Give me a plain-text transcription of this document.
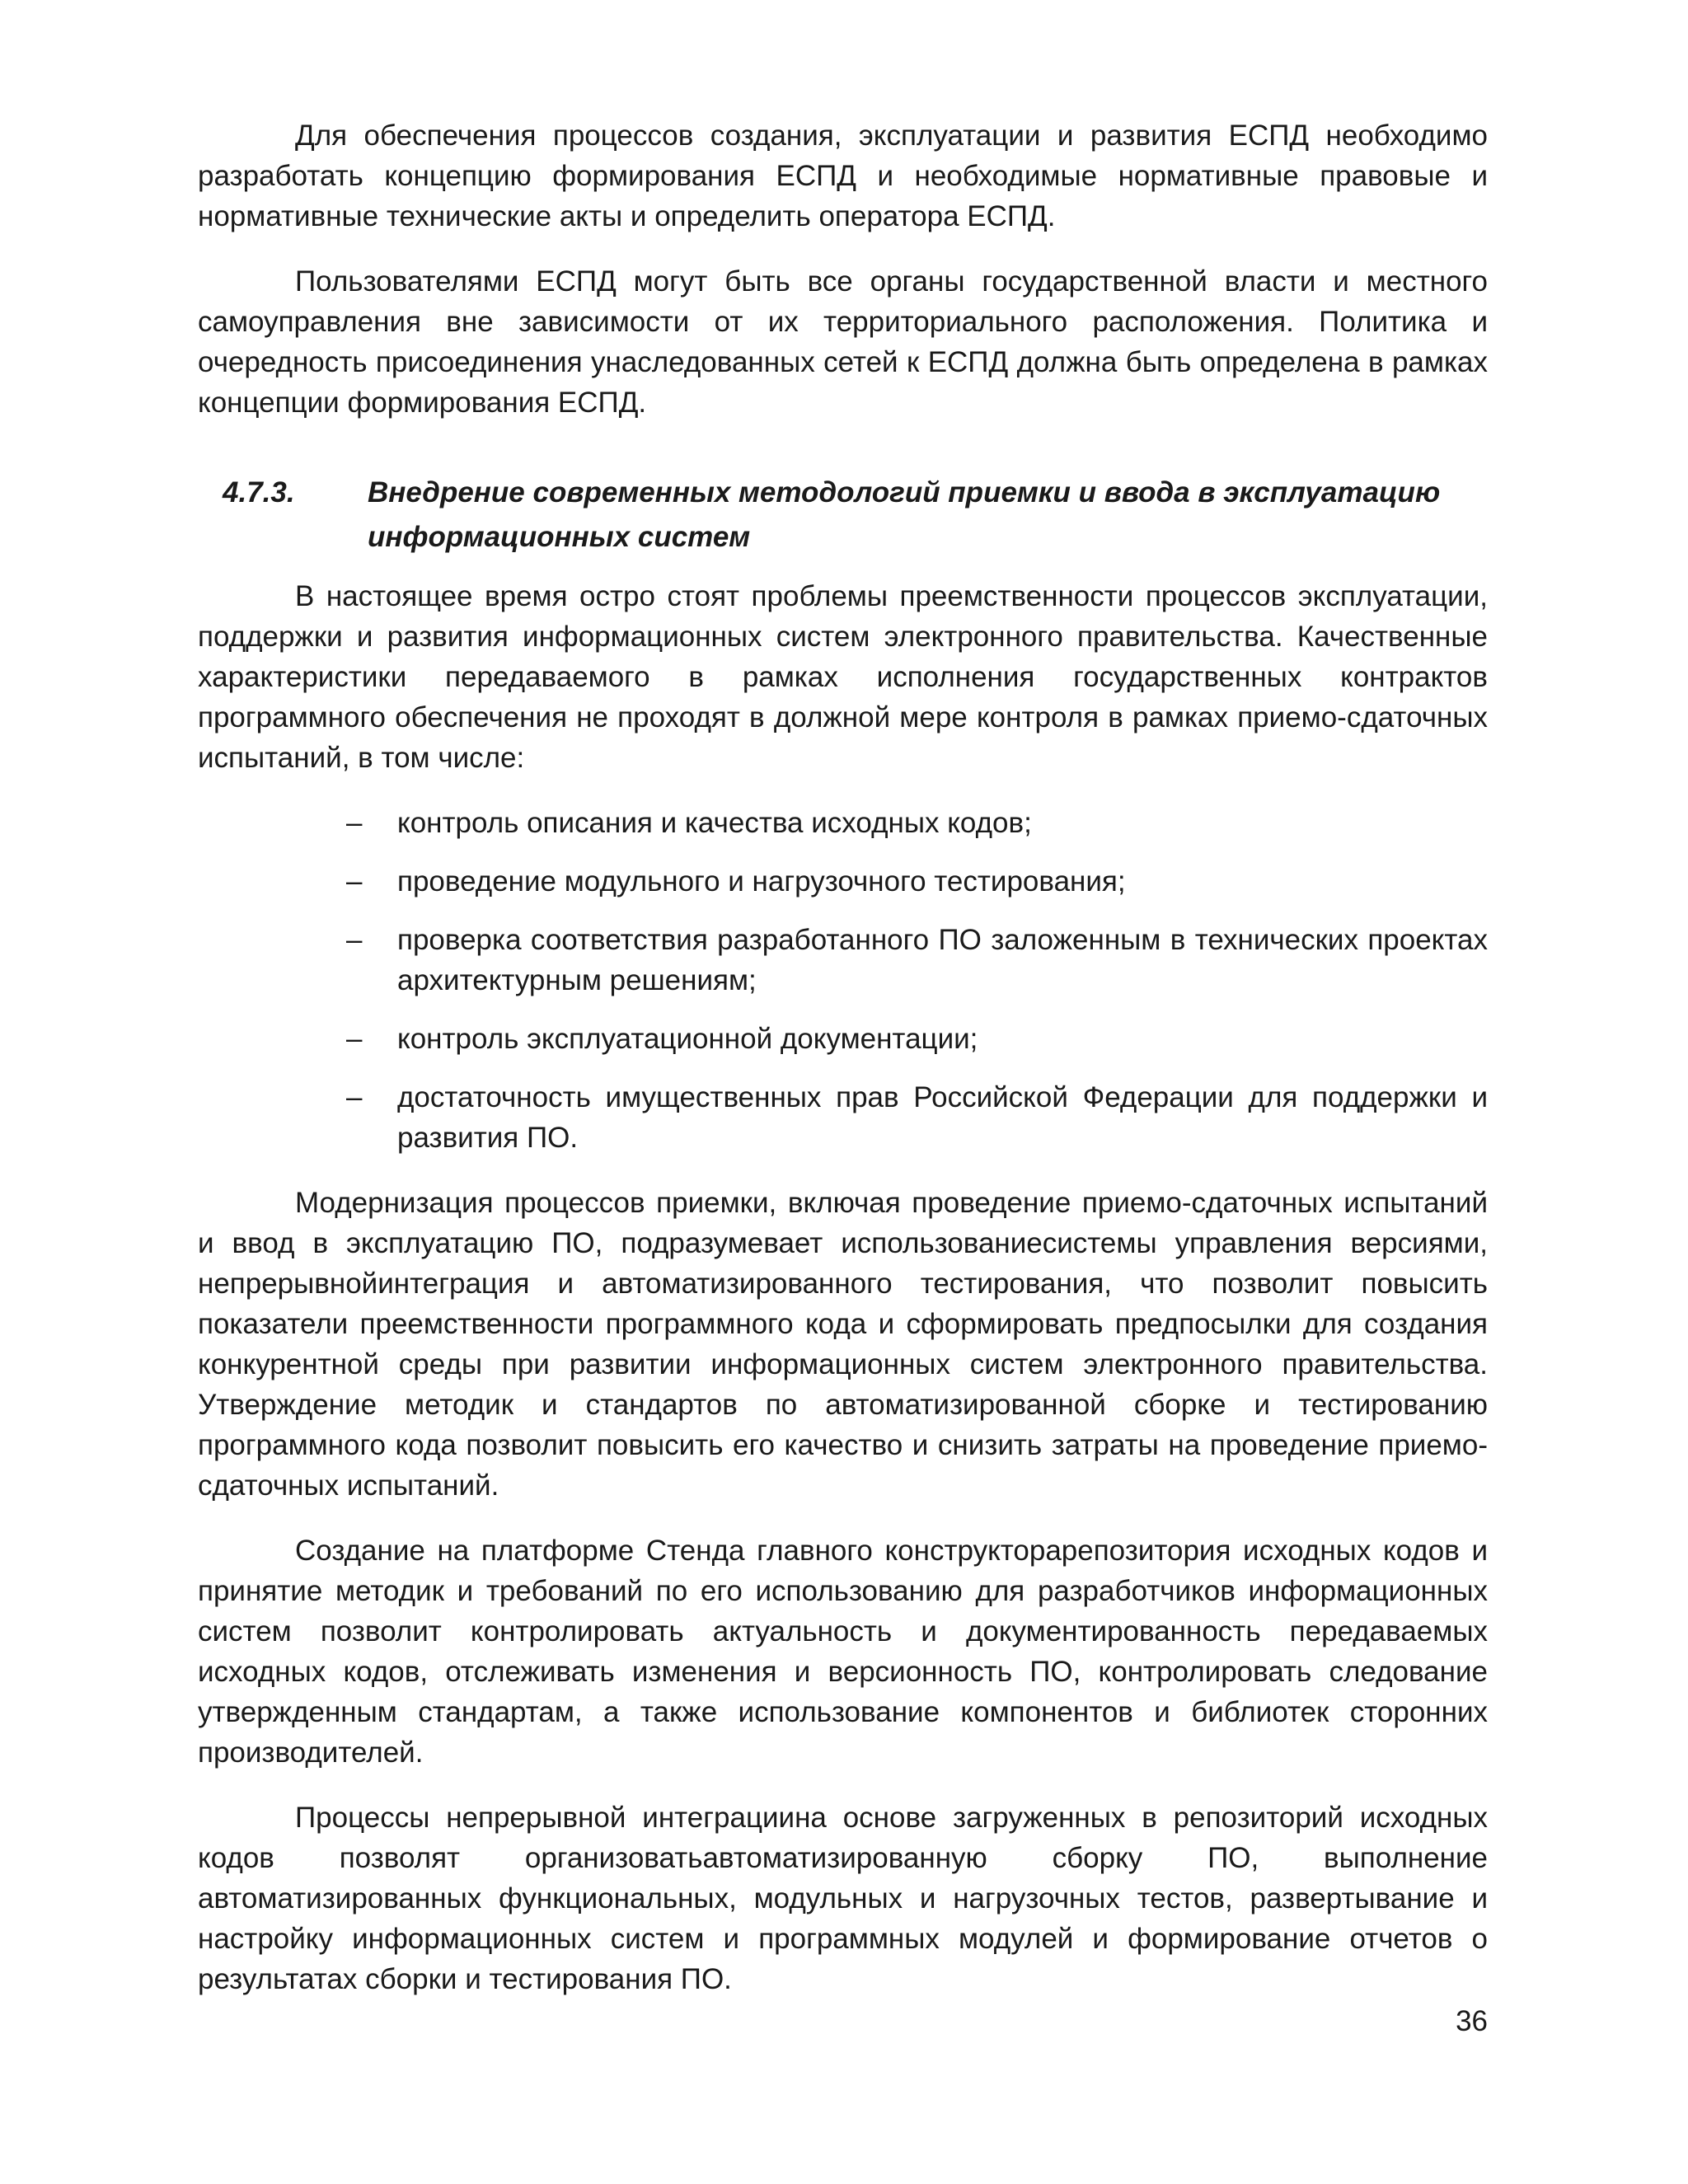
Для обеспечения процессов создания, эксплуатации и развития ЕСПД необходимо разработать концепцию формирования ЕСПД и необходимые нормативные правовые и нормативные технические акты и определить оператора ЕСПД.

Пользователями ЕСПД могут быть все органы государственной власти и местного самоуправления вне зависимости от их территориального расположения. Политика и очередность присоединения унаследованных сетей к ЕСПД должна быть определена в рамках концепции формирования ЕСПД.

4.7.3.	Внедрение современных методологий приемки и ввода в эксплуатацию информационных систем

В настоящее время остро стоят проблемы преемственности процессов эксплуатации, поддержки и развития информационных систем электронного правительства. Качественные характеристики передаваемого в рамках исполнения государственных контрактов программного обеспечения не проходят в должной мере контроля в рамках приемо-сдаточных испытаний, в том числе:

– контроль описания и качества исходных кодов;
– проведение модульного и нагрузочного тестирования;
– проверка соответствия разработанного ПО заложенным в технических проектах архитектурным решениям;
– контроль эксплуатационной документации;
– достаточность имущественных прав Российской Федерации для поддержки и развития ПО.

Модернизация процессов приемки, включая проведение приемо-сдаточных испытаний и ввод в эксплуатацию ПО, подразумевает использованиесистемы управления версиями, непрерывнойинтеграция и автоматизированного тестирования, что позволит повысить показатели преемственности программного кода и сформировать предпосылки для создания конкурентной среды при развитии информационных систем электронного правительства. Утверждение методик и стандартов по автоматизированной сборке и тестированию программного кода позволит повысить его качество и снизить затраты на проведение приемо-сдаточных испытаний.

Создание на платформе Стенда главного конструкторарепозитория исходных кодов и принятие методик и требований по его использованию для разработчиков информационных систем позволит контролировать актуальность и документированность передаваемых исходных кодов, отслеживать изменения и версионность ПО, контролировать следование утвержденным стандартам, а также использование компонентов и библиотек сторонних производителей.

Процессы непрерывной интеграциина основе загруженных в репозиторий исходных кодов позволят организоватьавтоматизированную сборку ПО, выполнение автоматизированных функциональных, модульных и нагрузочных тестов, развертывание и настройку информационных систем и программных модулей и формирование отчетов о результатах сборки и тестирования ПО.

36
